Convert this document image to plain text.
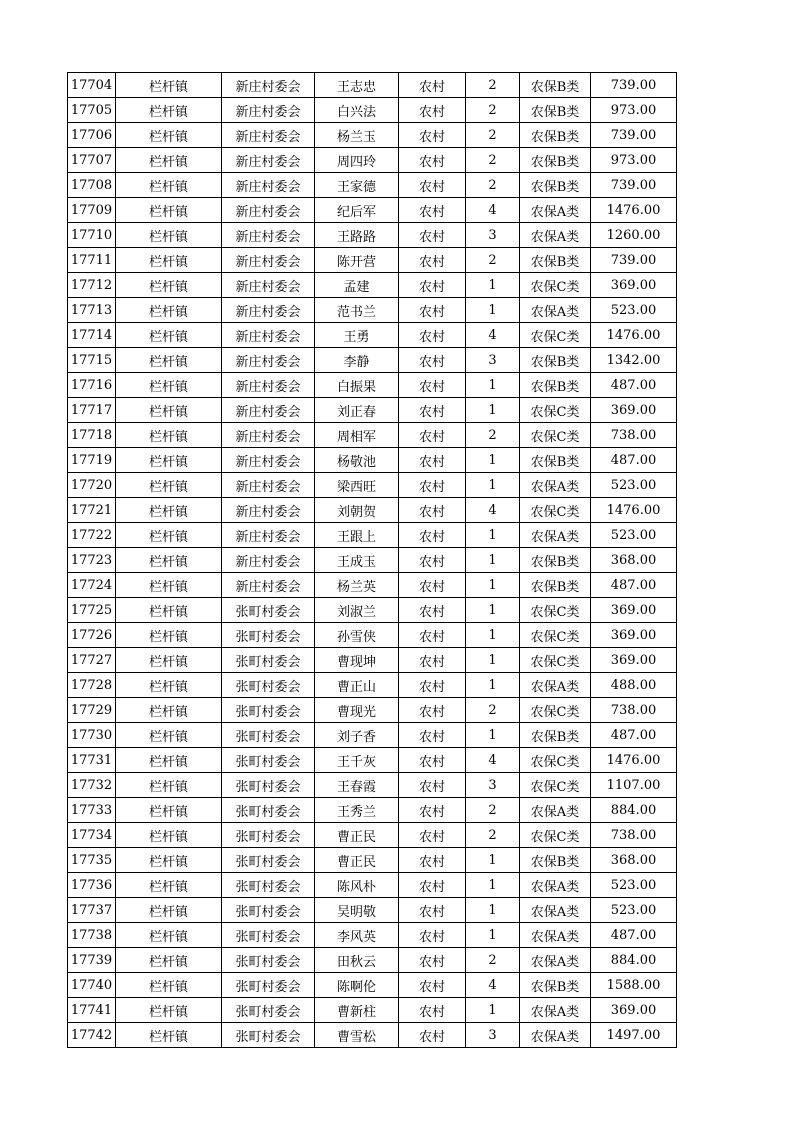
17704	栏杆镇	新庄村委会	王志忠	农村	2	农保B类	739.00
17705	栏杆镇	新庄村委会	白兴法	农村	2	农保B类	973.00
17706	栏杆镇	新庄村委会	杨兰玉	农村	2	农保B类	739.00
17707	栏杆镇	新庄村委会	周四玲	农村	2	农保B类	973.00
17708	栏杆镇	新庄村委会	王家德	农村	2	农保B类	739.00
17709	栏杆镇	新庄村委会	纪后军	农村	4	农保A类	1476.00
17710	栏杆镇	新庄村委会	王路路	农村	3	农保A类	1260.00
17711	栏杆镇	新庄村委会	陈开营	农村	2	农保B类	739.00
17712	栏杆镇	新庄村委会	孟建	农村	1	农保C类	369.00
17713	栏杆镇	新庄村委会	范书兰	农村	1	农保A类	523.00
17714	栏杆镇	新庄村委会	王勇	农村	4	农保C类	1476.00
17715	栏杆镇	新庄村委会	李静	农村	3	农保B类	1342.00
17716	栏杆镇	新庄村委会	白振果	农村	1	农保B类	487.00
17717	栏杆镇	新庄村委会	刘正春	农村	1	农保C类	369.00
17718	栏杆镇	新庄村委会	周相军	农村	2	农保C类	738.00
17719	栏杆镇	新庄村委会	杨敬池	农村	1	农保B类	487.00
17720	栏杆镇	新庄村委会	梁西旺	农村	1	农保A类	523.00
17721	栏杆镇	新庄村委会	刘朝贺	农村	4	农保C类	1476.00
17722	栏杆镇	新庄村委会	王跟上	农村	1	农保A类	523.00
17723	栏杆镇	新庄村委会	王成玉	农村	1	农保B类	368.00
17724	栏杆镇	新庄村委会	杨兰英	农村	1	农保B类	487.00
17725	栏杆镇	张町村委会	刘淑兰	农村	1	农保C类	369.00
17726	栏杆镇	张町村委会	孙雪侠	农村	1	农保C类	369.00
17727	栏杆镇	张町村委会	曹现坤	农村	1	农保C类	369.00
17728	栏杆镇	张町村委会	曹正山	农村	1	农保A类	488.00
17729	栏杆镇	张町村委会	曹现光	农村	2	农保C类	738.00
17730	栏杆镇	张町村委会	刘子香	农村	1	农保B类	487.00
17731	栏杆镇	张町村委会	王千灰	农村	4	农保C类	1476.00
17732	栏杆镇	张町村委会	王春霞	农村	3	农保C类	1107.00
17733	栏杆镇	张町村委会	王秀兰	农村	2	农保A类	884.00
17734	栏杆镇	张町村委会	曹正民	农村	2	农保C类	738.00
17735	栏杆镇	张町村委会	曹正民	农村	1	农保B类	368.00
17736	栏杆镇	张町村委会	陈风朴	农村	1	农保A类	523.00
17737	栏杆镇	张町村委会	吴明敬	农村	1	农保A类	523.00
17738	栏杆镇	张町村委会	李风英	农村	1	农保A类	487.00
17739	栏杆镇	张町村委会	田秋云	农村	2	农保A类	884.00
17740	栏杆镇	张町村委会	陈啊伦	农村	4	农保B类	1588.00
17741	栏杆镇	张町村委会	曹新柱	农村	1	农保A类	369.00
17742	栏杆镇	张町村委会	曹雪松	农村	3	农保A类	1497.00
